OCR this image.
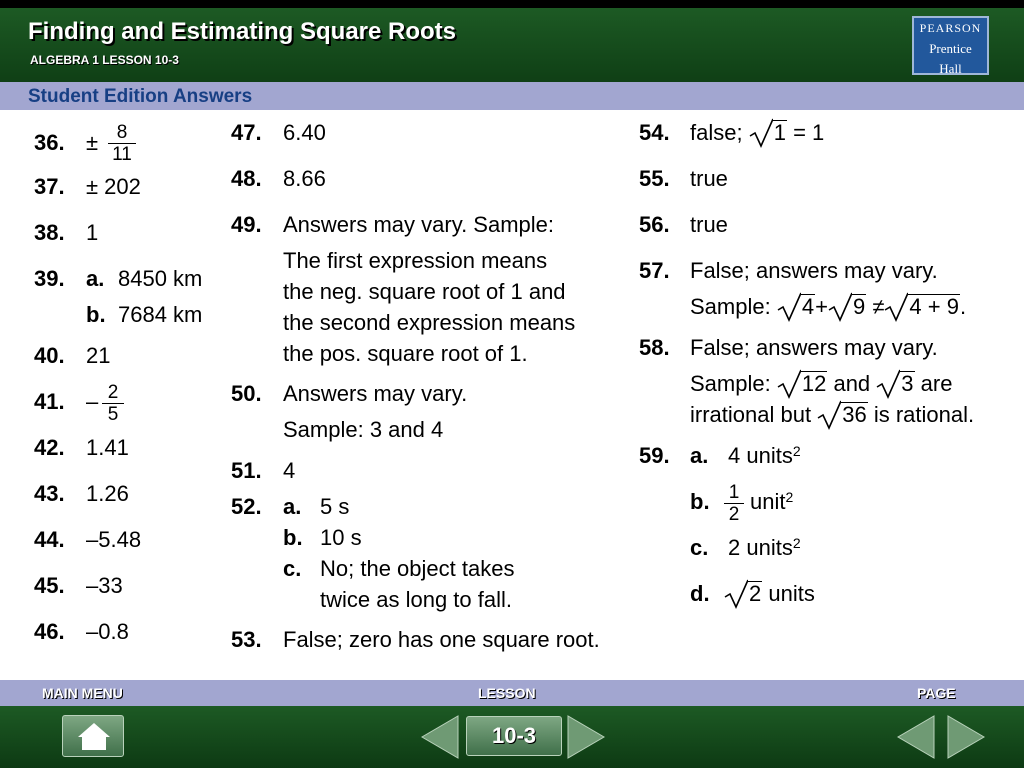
Finding and Estimating Square Roots
ALGEBRA 1 LESSON 10-3
PEARSON
Prentice
Hall
Student Edition Answers
36. ± $\frac{8}{11}$
37. ± 202
38. 1
39. a. 8450 km
b. 7684 km
40. 21
41. – $\frac{2}{5}$
42. 1.41
43. 1.26
44. –5.48
45. –33
46. –0.8
47. 6.40
48. 8.66
49. Answers may vary. Sample:
The first expression means
the neg. square root of 1 and
the second expression means
the pos. square root of 1.
50. Answers may vary.
Sample: 3 and 4
51. 4
52. a. 5 s
b. 10 s
c. No; the object takes
twice as long to fall.
53. False; zero has one square root.
54. false; 1 = 1
55. true
56. true
57. False; answers may vary.
Sample: 4+ 9 ≠ 4 + 9.
58. False; answers may vary.
Sample: 12 and 3 are
irrational but 36 is rational.
59. a. 4 units$^2$
b. $\frac{1}{2}$ unit$^2$
c. 2 units$^2$
d.	2 units
MAIN MENU	LESSON	PAGE
10-3
